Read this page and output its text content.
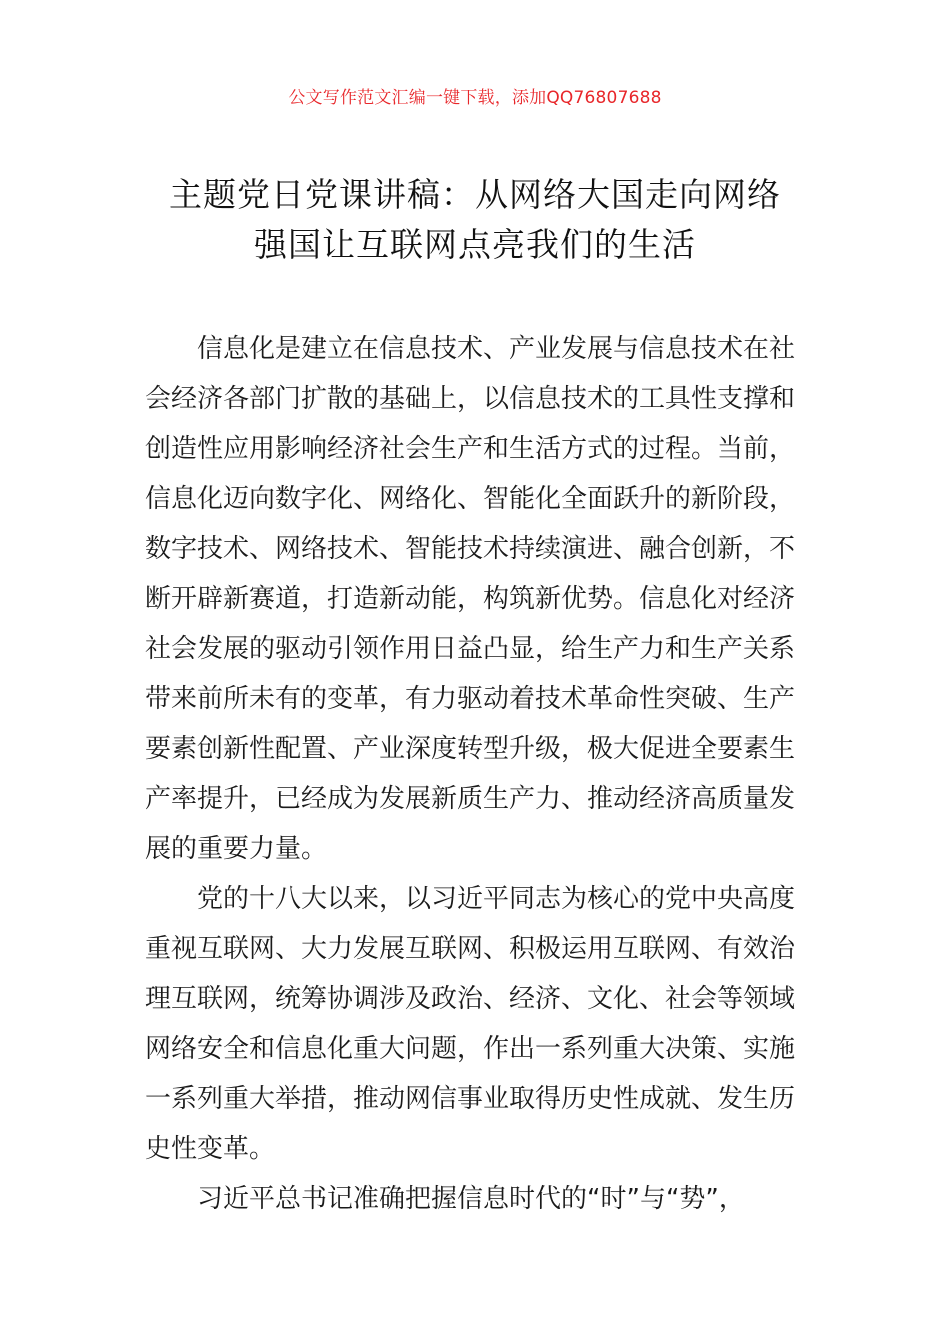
公文写作范文汇编一键下载，添加QQ76807688
主题党日党课讲稿：从网络大国走向网络
强国让互联网点亮我们的生活

信息化是建立在信息技术、产业发展与信息技术在社
会经济各部门扩散的基础上，以信息技术的工具性支撑和
创造性应用影响经济社会生产和生活方式的过程。当前，
信息化迈向数字化、网络化、智能化全面跃升的新阶段，
数字技术、网络技术、智能技术持续演进、融合创新，不
断开辟新赛道，打造新动能，构筑新优势。信息化对经济
社会发展的驱动引领作用日益凸显，给生产力和生产关系
带来前所未有的变革，有力驱动着技术革命性突破、生产
要素创新性配置、产业深度转型升级，极大促进全要素生
产率提升，已经成为发展新质生产力、推动经济高质量发
展的重要力量。

党的十八大以来，以习近平同志为核心的党中央高度
重视互联网、大力发展互联网、积极运用互联网、有效治
理互联网，统筹协调涉及政治、经济、文化、社会等领域
网络安全和信息化重大问题，作出一系列重大决策、实施
一系列重大举措，推动网信事业取得历史性成就、发生历
史性变革。

习近平总书记准确把握信息时代的“时”与“势”，
